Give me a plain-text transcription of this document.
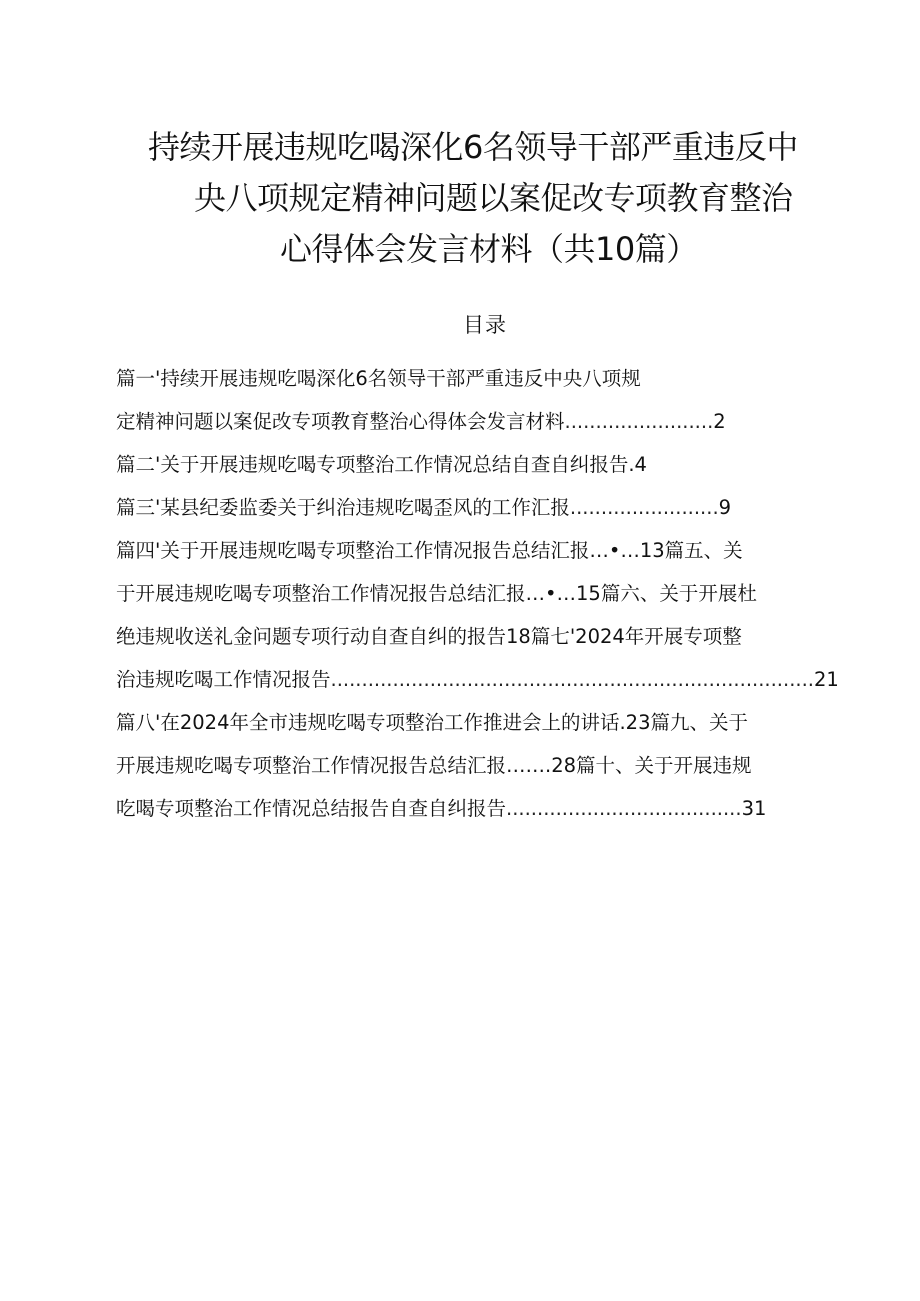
持续开展违规吃喝深化6名领导干部严重违反中
央八项规定精神问题以案促改专项教育整治
心得体会发言材料（共10篇）
目录
篇一'持续开展违规吃喝深化6名领导干部严重违反中央八项规
定精神问题以案促改专项教育整治心得体会发言材料........................2
篇二'关于开展违规吃喝专项整治工作情况总结自查自纠报告.4
篇三'某县纪委监委关于纠治违规吃喝歪风的工作汇报........................9
篇四'关于开展违规吃喝专项整治工作情况报告总结汇报…•…13篇五、关
于开展违规吃喝专项整治工作情况报告总结汇报…•…15篇六、关于开展杜
绝违规收送礼金问题专项行动自查自纠的报告18篇七'2024年开展专项整
治违规吃喝工作情况报告..............................................................................21
篇八'在2024年全市违规吃喝专项整治工作推进会上的讲话.23篇九、关于
开展违规吃喝专项整治工作情况报告总结汇报…….28篇十、关于开展违规
吃喝专项整治工作情况总结报告自查自纠报告......................................31
